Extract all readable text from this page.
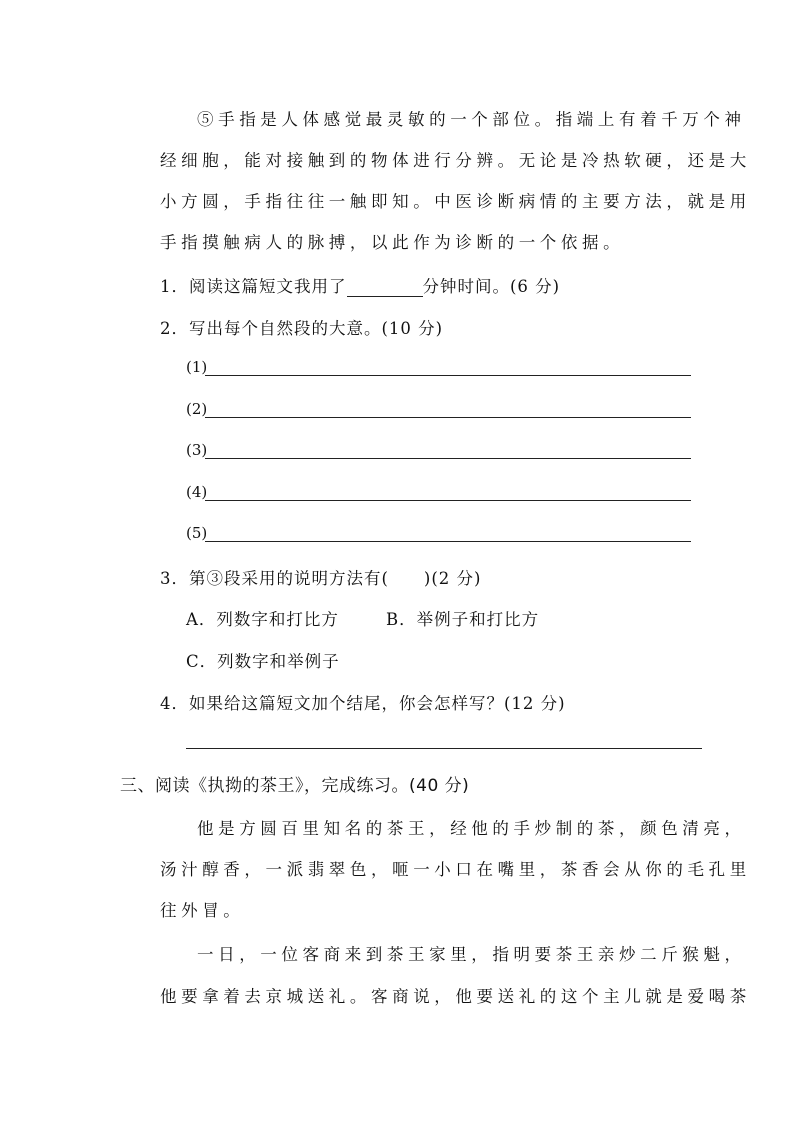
⑤手指是人体感觉最灵敏的一个部位。指端上有着千万个神
经细胞，能对接触到的物体进行分辨。无论是冷热软硬，还是大
小方圆，手指往往一触即知。中医诊断病情的主要方法，就是用
手指摸触病人的脉搏，以此作为诊断的一个依据。
1．阅读这篇短文我用了	分钟时间。(6 分)
2．写出每个自然段的大意。(10 分)
(1)
(2)
(3)
(4)
(5)
3．第③段采用的说明方法有(　　)(2 分)
A．列数字和打比方	B．举例子和打比方
C．列数字和举例子
4．如果给这篇短文加个结尾，你会怎样写？(12 分)
三、阅读《执拗的茶王》，完成练习。(40 分)
他是方圆百里知名的茶王，经他的手炒制的茶，颜色清亮，
汤汁醇香，一派翡翠色，咂一小口在嘴里，茶香会从你的毛孔里
往外冒。
一日，一位客商来到茶王家里，指明要茶王亲炒二斤猴魁，
他要拿着去京城送礼。客商说，他要送礼的这个主儿就是爱喝茶
